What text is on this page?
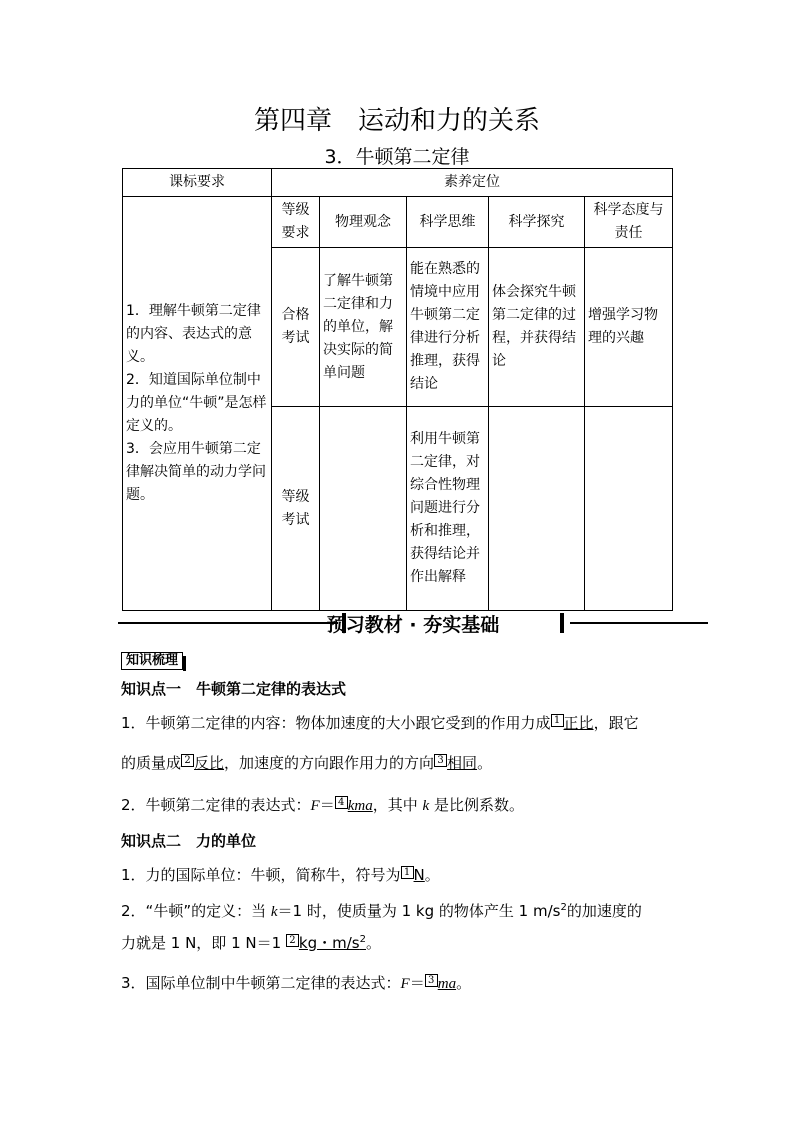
第四章　运动和力的关系
3．牛顿第二定律
课标要求	素养定位				
1．理解牛顿第二定律的内容、表达式的意义。
2．知道国际单位制中力的单位“牛顿”是怎样定义的。
3．会应用牛顿第二定律解决简单的动力学问题。	等级要求	物理观念	科学思维	科学探究	科学态度与责任
	合格考试	了解牛顿第二定律和力的单位，解决实际的简单问题	能在熟悉的情境中应用牛顿第二定律进行分析推理，获得结论	体会探究牛顿第二定律的过程，并获得结论	增强学习物理的兴趣
	等级考试		利用牛顿第二定律，对综合性物理问题进行分析和推理，获得结论并作出解释		
预习教材 · 夯实基础
知识梳理
知识点一　牛顿第二定律的表达式
1．牛顿第二定律的内容：物体加速度的大小跟它受到的作用力成 1 正比，跟它
的质量成 2 反比，加速度的方向跟作用力的方向 3 相同。
2．牛顿第二定律的表达式：F＝ 4 kma，其中 k 是比例系数。
知识点二　力的单位
1．力的国际单位：牛顿，简称牛，符号为 1 N。
2．“牛顿”的定义：当 k＝1 时，使质量为 1 kg 的物体产生 1 $m/s^2$的加速度的
力就是 1 N，即 1 N＝1 2 kg・$m/s^2$。
3．国际单位制中牛顿第二定律的表达式：F＝ 3 ma。
